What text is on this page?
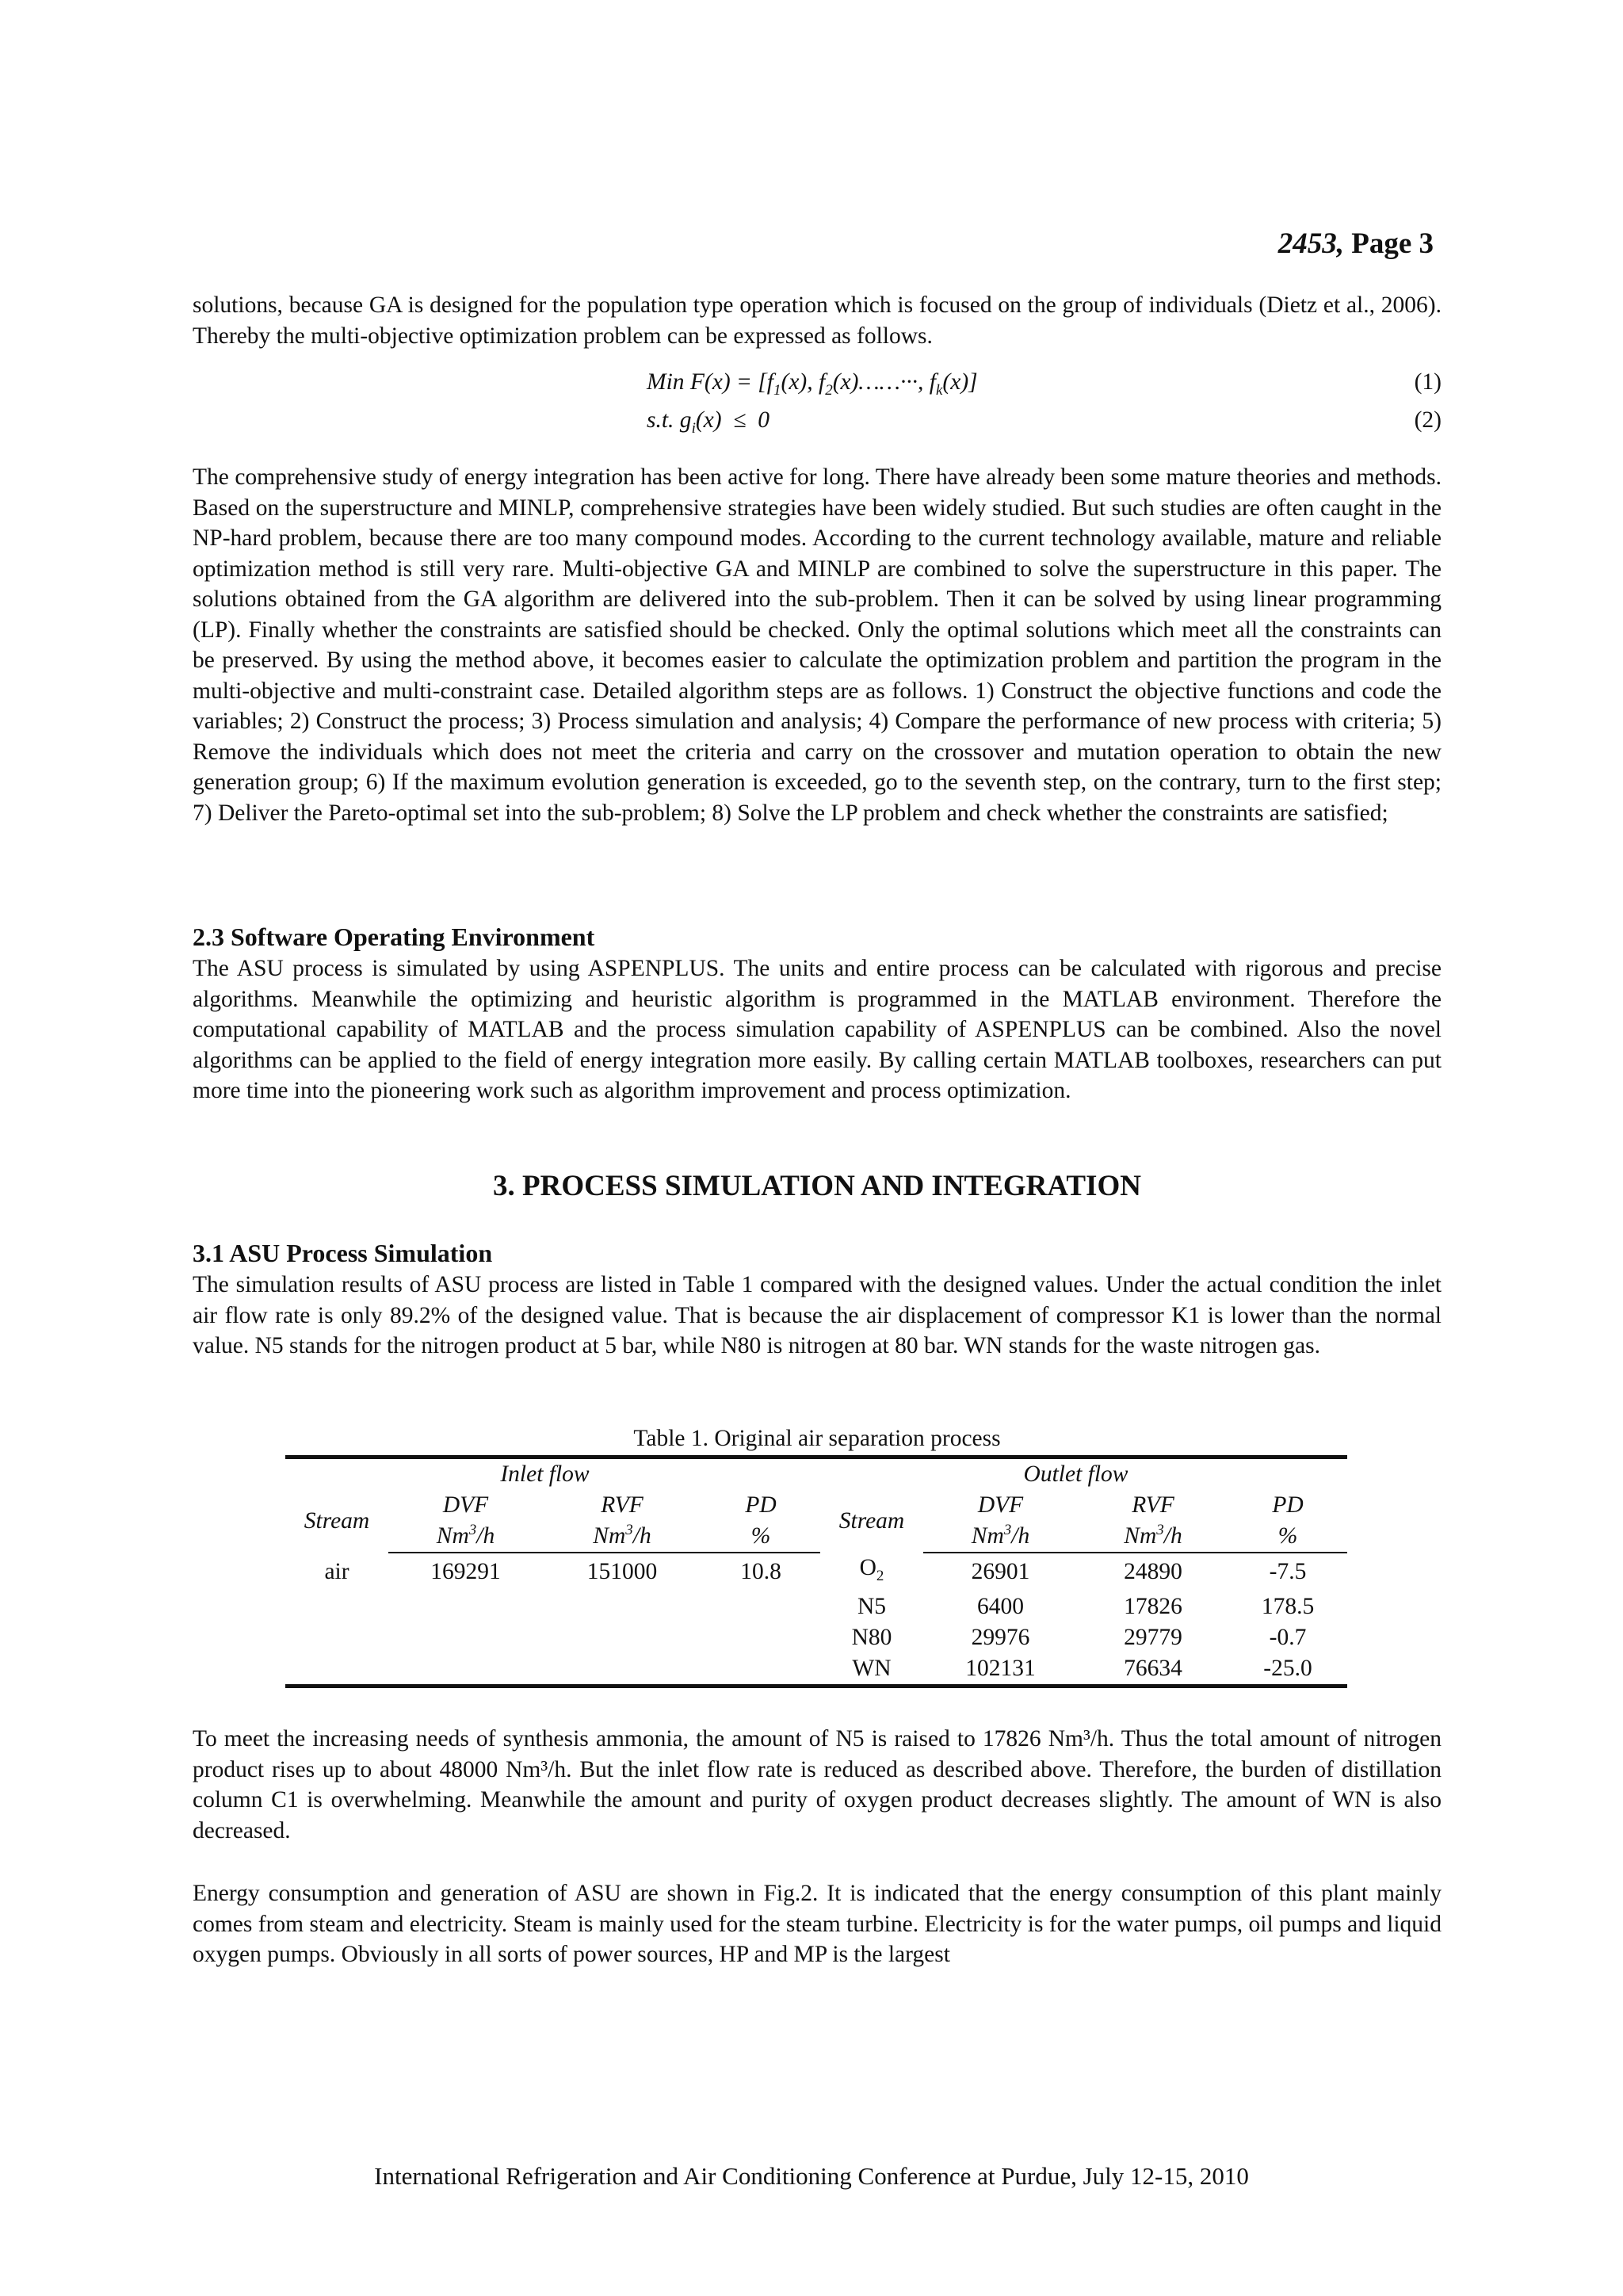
2453, Page 3

solutions, because GA is designed for the population type operation which is focused on the group of individuals (Dietz et al., 2006). Thereby the multi-objective optimization problem can be expressed as follows.

Min $F(x) = [f_1(x)$, $f_2(x)\dots\dots\cdot\cdot\cdot$, $f_k(x)$]	(1)
s.t. $g_i(x) \le 0$	(2)

The comprehensive study of energy integration has been active for long. There have already been some mature theories and methods. Based on the superstructure and MINLP, comprehensive strategies have been widely studied. But such studies are often caught in the NP-hard problem, because there are too many compound modes. According to the current technology available, mature and reliable optimization method is still very rare. Multi-objective GA and MINLP are combined to solve the superstructure in this paper. The solutions obtained from the GA algorithm are delivered into the sub-problem. Then it can be solved by using linear programming (LP). Finally whether the constraints are satisfied should be checked. Only the optimal solutions which meet all the constraints can be preserved. By using the method above, it becomes easier to calculate the optimization problem and partition the program in the multi-objective and multi-constraint case. Detailed algorithm steps are as follows. 1) Construct the objective functions and code the variables; 2) Construct the process; 3) Process simulation and analysis; 4) Compare the performance of new process with criteria; 5) Remove the individuals which does not meet the criteria and carry on the crossover and mutation operation to obtain the new generation group; 6) If the maximum evolution generation is exceeded, go to the seventh step, on the contrary, turn to the first step; 7) Deliver the Pareto-optimal set into the sub-problem; 8) Solve the LP problem and check whether the constraints are satisfied;

2.3 Software Operating Environment

The ASU process is simulated by using ASPENPLUS. The units and entire process can be calculated with rigorous and precise algorithms. Meanwhile the optimizing and heuristic algorithm is programmed in the MATLAB environment. Therefore the computational capability of MATLAB and the process simulation capability of ASPENPLUS can be combined. Also the novel algorithms can be applied to the field of energy integration more easily. By calling certain MATLAB toolboxes, researchers can put more time into the pioneering work such as algorithm improvement and process optimization.

3. PROCESS SIMULATION AND INTEGRATION
3.1 ASU Process Simulation

The simulation results of ASU process are listed in Table 1 compared with the designed values. Under the actual condition the inlet air flow rate is only 89.2% of the designed value. That is because the air displacement of compressor K1 is lower than the normal value. N5 stands for the nitrogen product at 5 bar, while N80 is nitrogen at 80 bar. WN stands for the waste nitrogen gas.

Table 1. Original air separation process
	Inlet flow				Outlet flow		
Stream	DVF	RVF	PD	Stream	DVF	RVF	PD
	Nm$^3$/h	Nm$^3$/h	%		Nm$^3$/h	Nm$^3$/h	%
air	169291	151000	10.8	$O_2$	26901	24890	-7.5
				N5	6400	17826	178.5
				N80	29976	29779	-0.7
				WN	102131	76634	-25.0

To meet the increasing needs of synthesis ammonia, the amount of N5 is raised to 17826 Nm³/h. Thus the total amount of nitrogen product rises up to about 48000 Nm³/h. But the inlet flow rate is reduced as described above. Therefore, the burden of distillation column C1 is overwhelming. Meanwhile the amount and purity of oxygen product decreases slightly. The amount of WN is also decreased.

Energy consumption and generation of ASU are shown in Fig.2. It is indicated that the energy consumption of this plant mainly comes from steam and electricity. Steam is mainly used for the steam turbine. Electricity is for the water pumps, oil pumps and liquid oxygen pumps. Obviously in all sorts of power sources, HP and MP is the largest

International Refrigeration and Air Conditioning Conference at Purdue, July 12-15, 2010
